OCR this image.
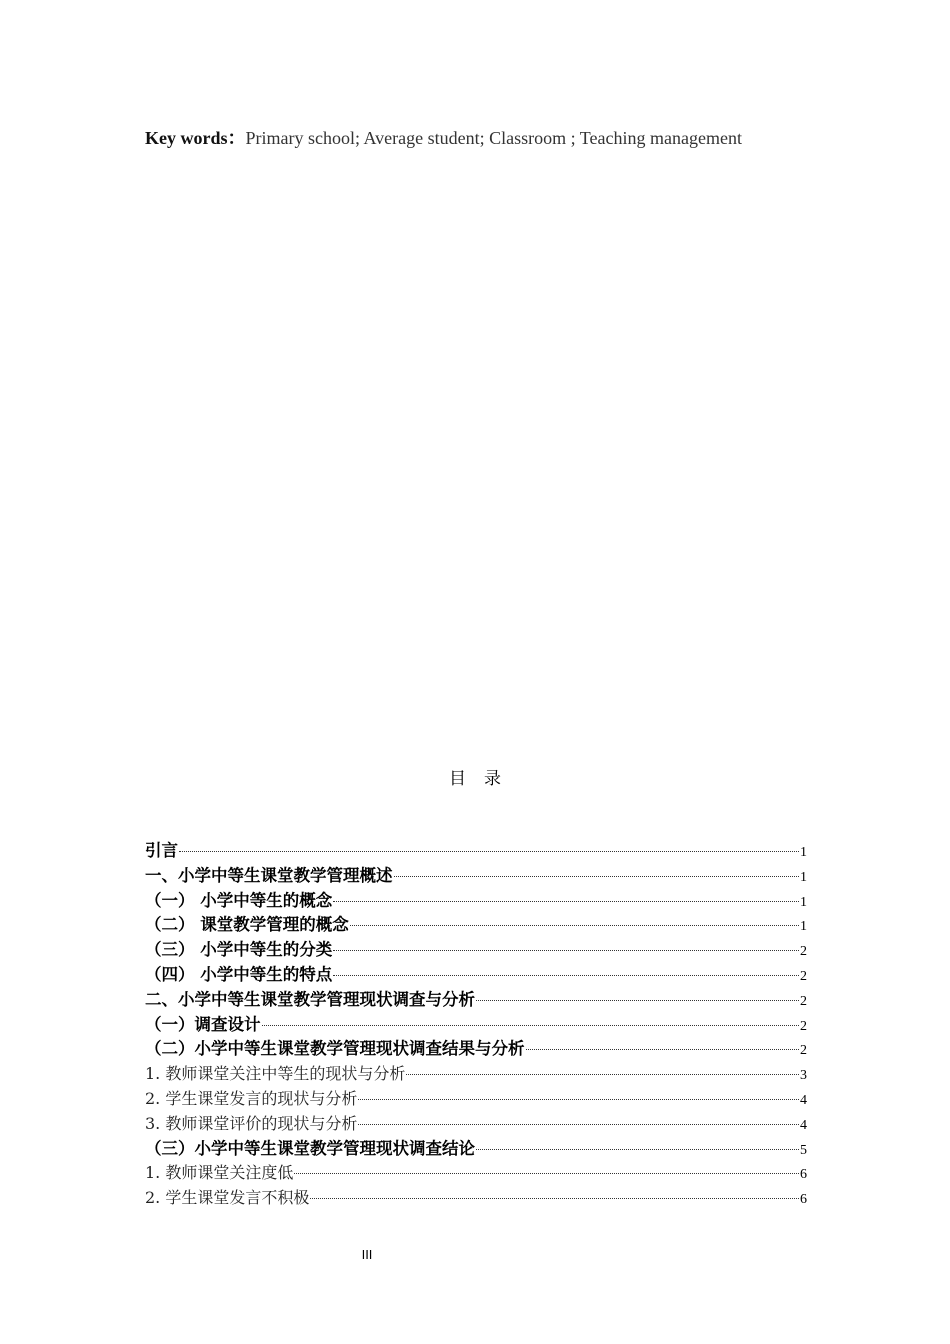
Key words：Primary school; Average student; Classroom ; Teaching management
目录
引言	1
一、小学中等生课堂教学管理概述	1
（一） 小学中等生的概念	1
（二） 课堂教学管理的概念	1
（三） 小学中等生的分类	2
（四） 小学中等生的特点	2
二、小学中等生课堂教学管理现状调查与分析	2
（一）调查设计	2
（二）小学中等生课堂教学管理现状调查结果与分析	2
1. 教师课堂关注中等生的现状与分析	3
2. 学生课堂发言的现状与分析	4
3. 教师课堂评价的现状与分析	4
（三）小学中等生课堂教学管理现状调查结论	5
1. 教师课堂关注度低	6
2. 学生课堂发言不积极	6
III
